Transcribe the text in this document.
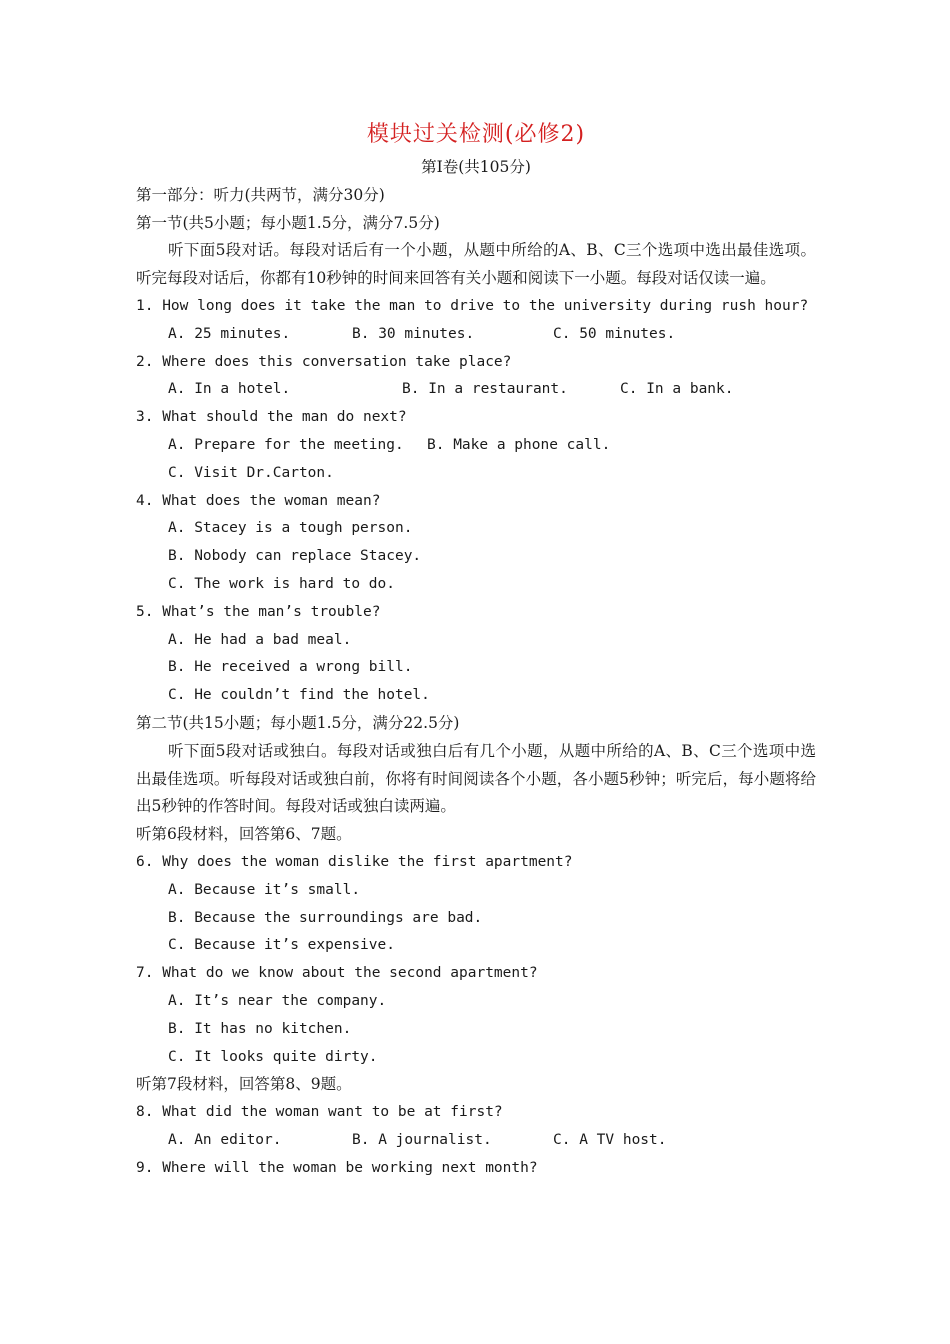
模块过关检测(必修2)
第Ⅰ卷(共105分)
第一部分：听力(共两节，满分30分)
第一节(共5小题；每小题1.5分，满分7.5分)
听下面5段对话。每段对话后有一个小题，从题中所给的A、B、C三个选项中选出最佳选项。听完每段对话后，你都有10秒钟的时间来回答有关小题和阅读下一小题。每段对话仅读一遍。
1. How long does it take the man to drive to the university during rush hour?
A. 25 minutes.	B. 30 minutes.	C. 50 minutes.
2. Where does this conversation take place?
A. In a hotel.	B. In a restaurant.	C. In a bank.
3. What should the man do next?
A. Prepare for the meeting.	B. Make a phone call.
C. Visit Dr.Carton.
4. What does the woman mean?
A. Stacey is a tough person.
B. Nobody can replace Stacey.
C. The work is hard to do.
5. What’s the man’s trouble?
A. He had a bad meal.
B. He received a wrong bill.
C. He couldn’t find the hotel.
第二节(共15小题；每小题1.5分，满分22.5分)
听下面5段对话或独白。每段对话或独白后有几个小题，从题中所给的A、B、C三个选项中选出最佳选项。听每段对话或独白前，你将有时间阅读各个小题，各小题5秒钟；听完后，每小题将给出5秒钟的作答时间。每段对话或独白读两遍。
听第6段材料，回答第6、7题。
6. Why does the woman dislike the first apartment?
A. Because it’s small.
B. Because the surroundings are bad.
C. Because it’s expensive.
7. What do we know about the second apartment?
A. It’s near the company.
B. It has no kitchen.
C. It looks quite dirty.
听第7段材料，回答第8、9题。
8. What did the woman want to be at first?
A. An editor.	B. A journalist.	C. A TV host.
9. Where will the woman be working next month?
